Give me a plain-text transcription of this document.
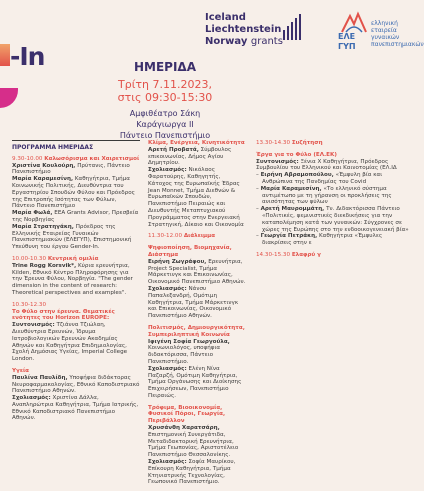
-In	ΗΜΕΡΙΔΑ
Τρίτη 7.11.2023,
στις 09:30-15:30
Αμφιθέατρο Σάκη Καράγιωργα ΙΙ
Πάντειο Πανεπιστήμιο
Iceland
Liechtenstein
Norway grants	ΕΛΕ
ΓΥΠ
ελληνική
εταιρεία
γυναικών
πανεπιστημιακών
ΠΡΟΓΡΑΜΜΑ ΗΜΕΡΙΔΑΣ
9.30-10.00 Καλωσόρισμα και Χαιρετισμοί

Χριστίνα Κουλούρη, Πρύτανις, Πάντειο Πανεπιστήμιο

Μαρία Καραμεσίνη, Καθηγήτρια, Τμήμα Κοινωνικής Πολιτικής, Διευθύντρια του Εργαστηρίου Σπουδών Φύλου και Πρόεδρος της Επιτροπής Ισότητας των Φύλων, Πάντειο Πανεπιστήμιο

Μαρία Φωλά, EEA Grants Advisor, Πρεσβεία της Νορβηγίας

Μαρία Στρατηγάκη, Πρόεδρος της Ελληνικής Εταιρείας Γυναικών Πανεπιστημιακών (ΕΛΕΓΥΠ), Επιστημονική Υπεύθυνη του έργου Gender-In.

10.00-10.30 Κεντρική ομιλία

Trine Rogg Korsvik*, Κύρια ερευνήτρια, Kilden, Εθνικό Κέντρο Πληροφόρησης για την Έρευνα Φύλου, Νορβηγία. "The gender dimension in the content of research: Theoretical perspectives and examples".

10.30-12.30
Το Φύλο στην έρευνα. Θεματικές ενότητες του Horizon EUROPE:

Συντονισμός: Τζιάννα Τζιώλαη, Διευθύντρια Ερευνών, Ίδρυμα Ιατροβιολογικών Ερευνών Ακαδημίας Αθηνών και Καθηγήτρια Επιδημιολογίας, Σχολή Δημόσιας Υγείας, Imperial College London.

Υγεία

Παυλίνα Παυλίδη, Υποψήφια διδάκτορας Νευροφαρμακολογίας, Εθνικό Καποδιστριακό Πανεπιστήμιο Αθηνών.

Σχολιασμός: Χριστίνα Δάλλα, Αναπληρώτρια Καθηγήτρια, Τμήμα Ιατρικής, Εθνικό Καποδιστριακό Πανεπιστήμιο Αθηνών.

Κλίμα, Ενέργεια, Κινητικότητα

Αρετή Προβατά, Σύμβουλος επικοινωνίας, Δήμος Αγίου Δημητρίου.

Σχολιασμός: Νικόλαος Φαρατούρης, Καθηγητής, Κάτοχος της Ευρωπαϊκής Έδρας Jean Monnet, Τμήμα Διεθνών & Ευρωπαϊκών Σπουδών, Πανεπιστήμιο Πειραιώς και Διευθυντής Μεταπτυχιακού Προγράμματος στην Ενεργειακή Στρατηγική, Δίκαιο και Οικονομία

11.30-12.00 Διάλειμμα
Ψηφιοποίηση, Βιομηχανία, Διάστημα

Ειρήνη Ζωγράφου, Ερευνήτρια, Project Specialist, Τμήμα Μάρκετινγκ και Επικοινωνίας, Οικονομικό Πανεπιστήμιο Αθηνών.

Σχολιασμός: Νάνσυ Παπαλεξανδρή, Ομότιμη Καθηγήτρια, Τμήμα Μάρκετινγκ και Επικοινωνίας, Οικονομικό Πανεπιστήμιο Αθηνών.

Πολιτισμός, Δημιουργικότητα, Συμπεριληπτική Κοινωνία

Ιφιγένη Σοφία Γεωργούλα, Κοινωνιολόγος, υποψήφια διδακτόρισσα, Πάντειο Πανεπιστήμιο.

Σχολιασμός: Ελένη Νίνα Παζαρζή, Ομότιμη Καθηγήτρια, Τμήμα Οργάνωσης και Διοίκησης Επιχειρήσεων, Πανεπιστήμιο Πειραιώς.

Τρόφιμα, Βιοοικονομία, Φυσικοί Πόροι, Γεωργία, Περιβάλλον

Χρυσάνθη Χαρατσάρη, Επιστημονική Συνεργάτιδα, Μεταδιδακτορική Ερευνήτρια, Τμήμα Γεωπονίας, Αριστοτέλειο Πανεπιστήμιο Θεσσαλονίκης.

Σχολιασμός: Σοφία Μαυρίκου, Επίκουρη Καθηγήτρια, Τμήμα Κτηνιατρικής Τεχνολογίας, Γεωπονικό Πανεπιστήμιο.

13.30-14.30 Συζήτηση
Έργα για το Φύλο (ΕΛ.ΕΚ)

Συντονισμός: Ξένια Χ Καθηγήτρια, Πρόεδρος Συμβουλίου του Ελληνικού και Καινοτομίας (ΕΛ.ΙΔ

– Ειρήνη Αβραμοπούλου, «Έμφυλη βία και Ανθρώπινα της Πανδημίας του Covid

– Μαρία Καραμεσίνη, «Το ελληνικό σύστημα αντιμέτωπο με τη γήρανση οι προκλήσεις της ανισότητας των φύλων

– Αρετή Μαυρομμάτη, Τν. Διδακτόρισσα Πάντειο «Πολιτικές, φεμινιστικές διεκδικήσεις για την καταπολέμηση κατά των γυναικών: Σύγχρονες σε χώρες της Ευρώπης στο την ενδοοικογενειακή βία»

– Γεωργία Πετράκη, Καθηγήτρια «Έμφυλες διακρίσεις στην ε

14.30-15.30 Ελαφρύ γ
